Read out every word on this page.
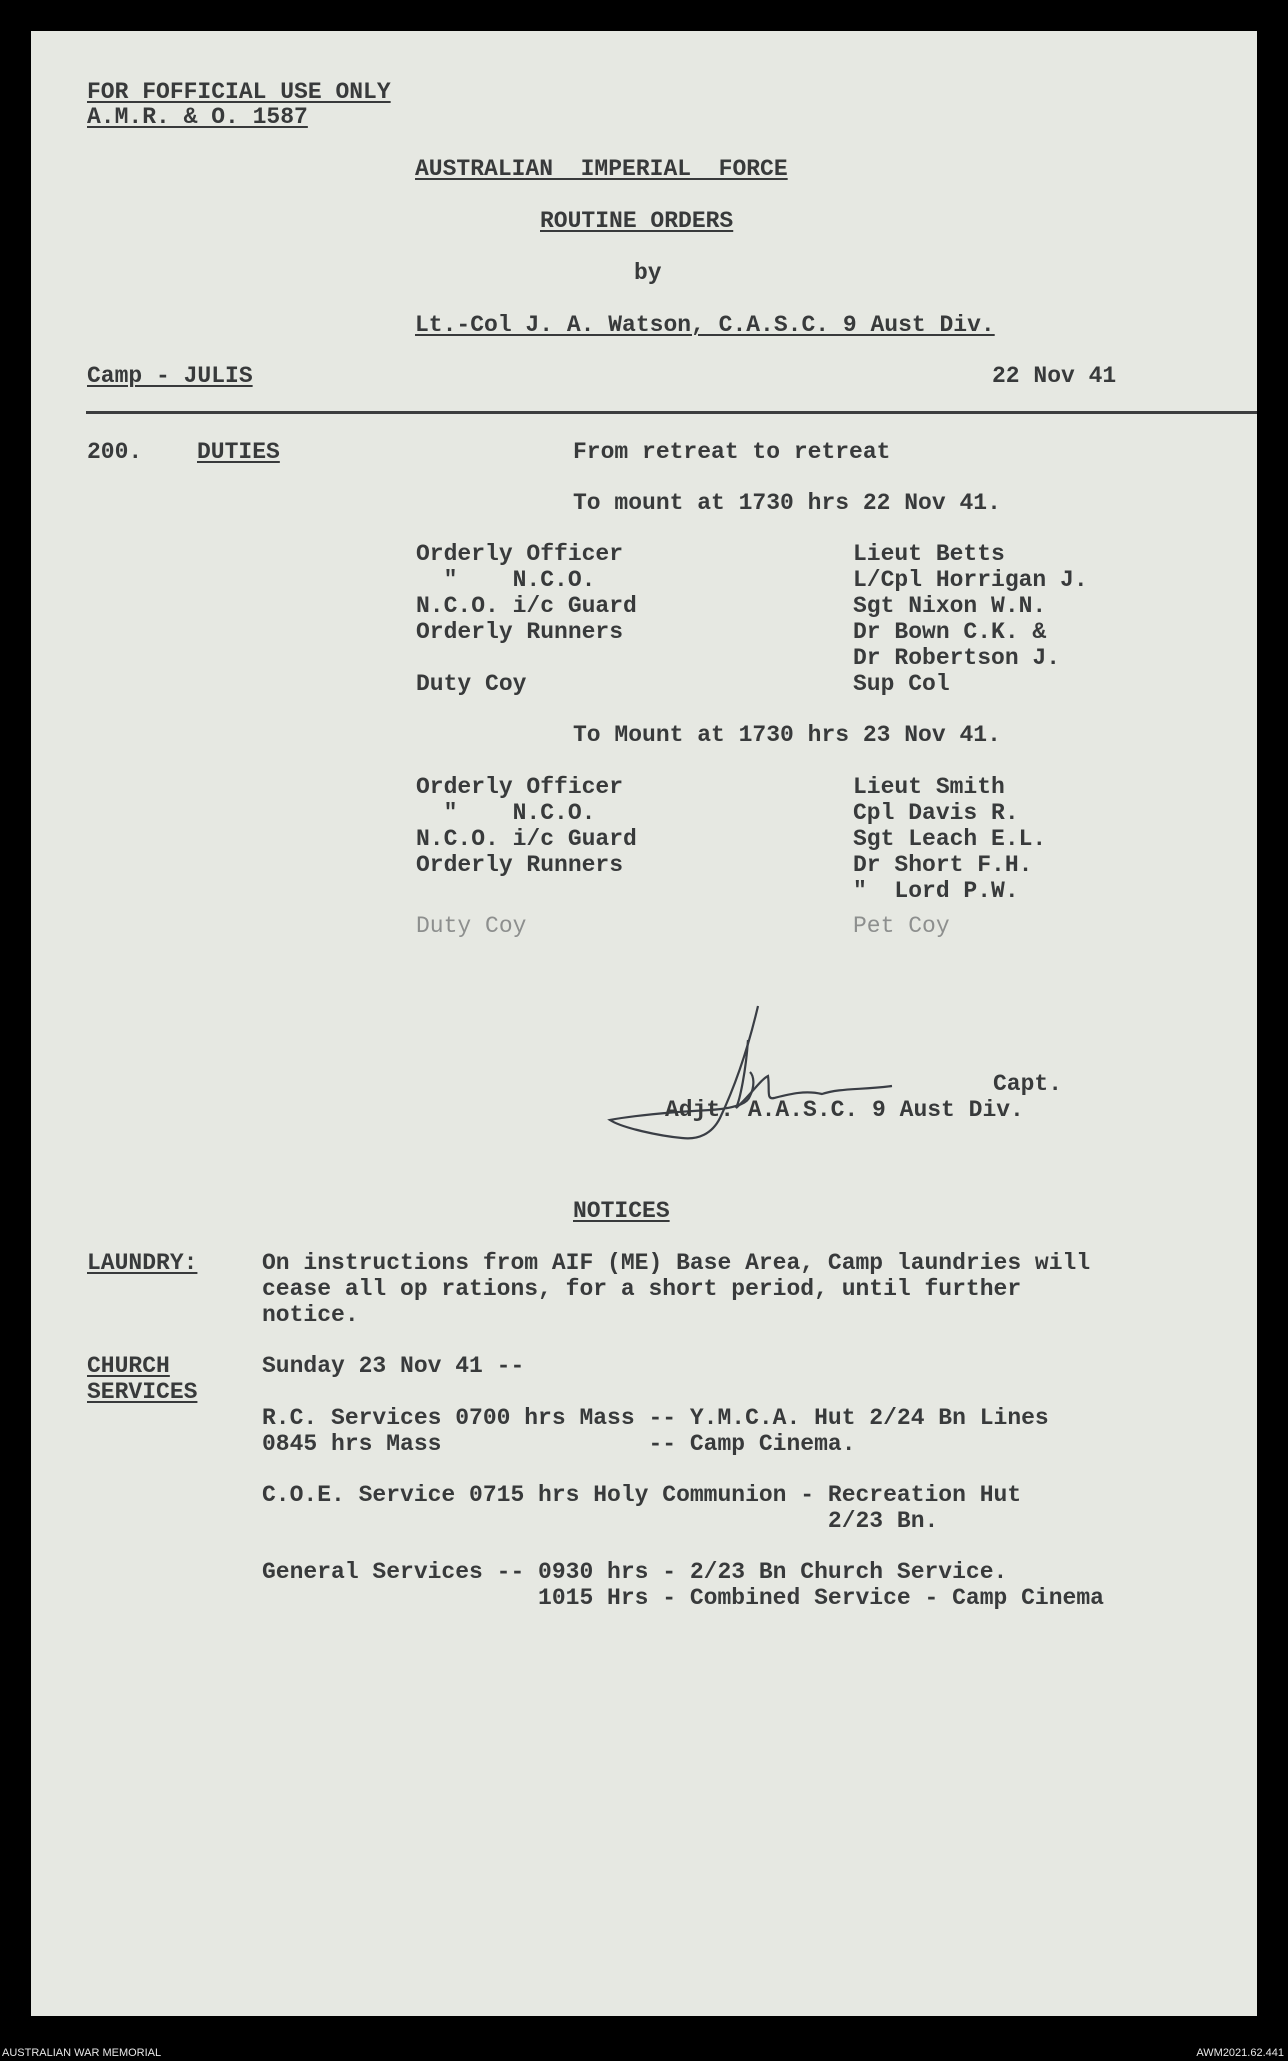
FOR FOFFICIAL USE ONLY
A.M.R. & O. 1587
AUSTRALIAN  IMPERIAL  FORCE
ROUTINE ORDERS
by
Lt.-Col J. A. Watson, C.A.S.C. 9 Aust Div.
Camp - JULIS	22 Nov 41
200. DUTIES	From retreat to retreat
To mount at 1730 hrs 22 Nov 41.
Orderly Officer	Lieut Betts
"    N.C.O.	L/Cpl Horrigan J.
N.C.O. i/c Guard	Sgt Nixon W.N.
Orderly Runners	Dr Bown C.K. &
Dr Robertson J.
Duty Coy	Sup Col
To Mount at 1730 hrs 23 Nov 41.
Orderly Officer	Lieut Smith
"    N.C.O.	Cpl Davis R.
N.C.O. i/c Guard	Sgt Leach E.L.
Orderly Runners	Dr Short F.H.
"  Lord P.W.
Duty Coy	Pet Coy
Capt.
Adjt. A.A.S.C. 9 Aust Div.
NOTICES
LAUNDRY:	On instructions from AIF (ME) Base Area, Camp laundries will
cease all op rations, for a short period, until further
notice.
CHURCH
SERVICES
Sunday 23 Nov 41 --
R.C. Services 0700 hrs Mass -- Y.M.C.A. Hut 2/24 Bn Lines
0845 hrs Mass               -- Camp Cinema.
C.O.E. Service 0715 hrs Holy Communion - Recreation Hut
2/23 Bn.
General Services -- 0930 hrs - 2/23 Bn Church Service.
1015 Hrs - Combined Service - Camp Cinema
AUSTRALIAN WAR MEMORIAL	AWM2021.62.441
